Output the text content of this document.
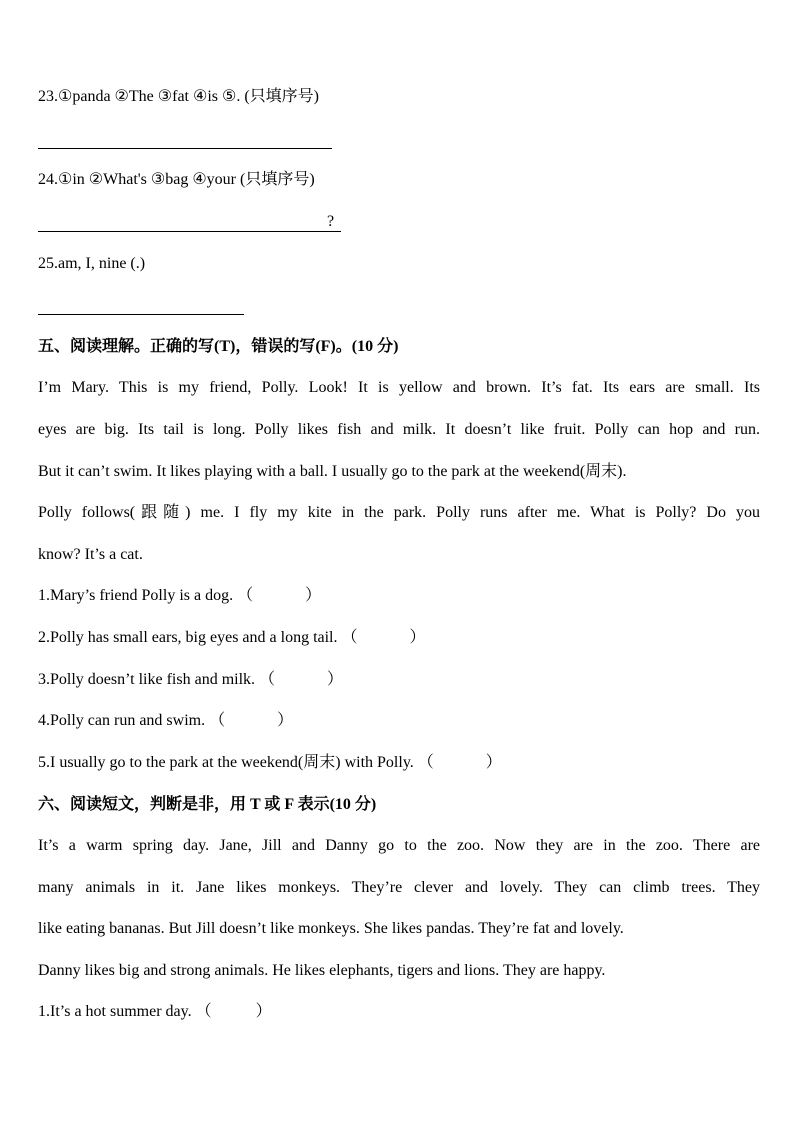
23.①panda ②The ③fat ④is ⑤. (只填序号)
24.①in ②What's ③bag ④your (只填序号)
?
25.am, I, nine (.)
五、阅读理解。正确的写(T)，错误的写(F)。(10 分)
I’m Mary. This is my friend, Polly. Look! It is yellow and brown. It’s fat. Its ears are small. Its
eyes are big. Its tail is long. Polly likes fish and milk. It doesn’t like fruit. Polly can hop and run.
But it can’t swim. It likes playing with a ball. I usually go to the park at the weekend(周末).
Polly follows(跟随) me. I fly my kite in the park. Polly runs after me. What is Polly? Do you
know? It’s a cat.
1.Mary’s friend Polly is a dog. （	）
2.Polly has small ears, big eyes and a long tail. （	）
3.Polly doesn’t like fish and milk. （	）
4.Polly can run and swim. （	）
5.I usually go to the park at the weekend(周末) with Polly. （	）
六、阅读短文，判断是非，用 T 或 F 表示(10 分)
It’s a warm spring day. Jane, Jill and Danny go to the zoo. Now they are in the zoo. There are
many animals in it. Jane likes monkeys. They’re clever and lovely. They can climb trees. They
like eating bananas. But Jill doesn’t like monkeys. She likes pandas. They’re fat and lovely.
Danny likes big and strong animals. He likes elephants, tigers and lions. They are happy.
1.It’s a hot summer day. （	）
